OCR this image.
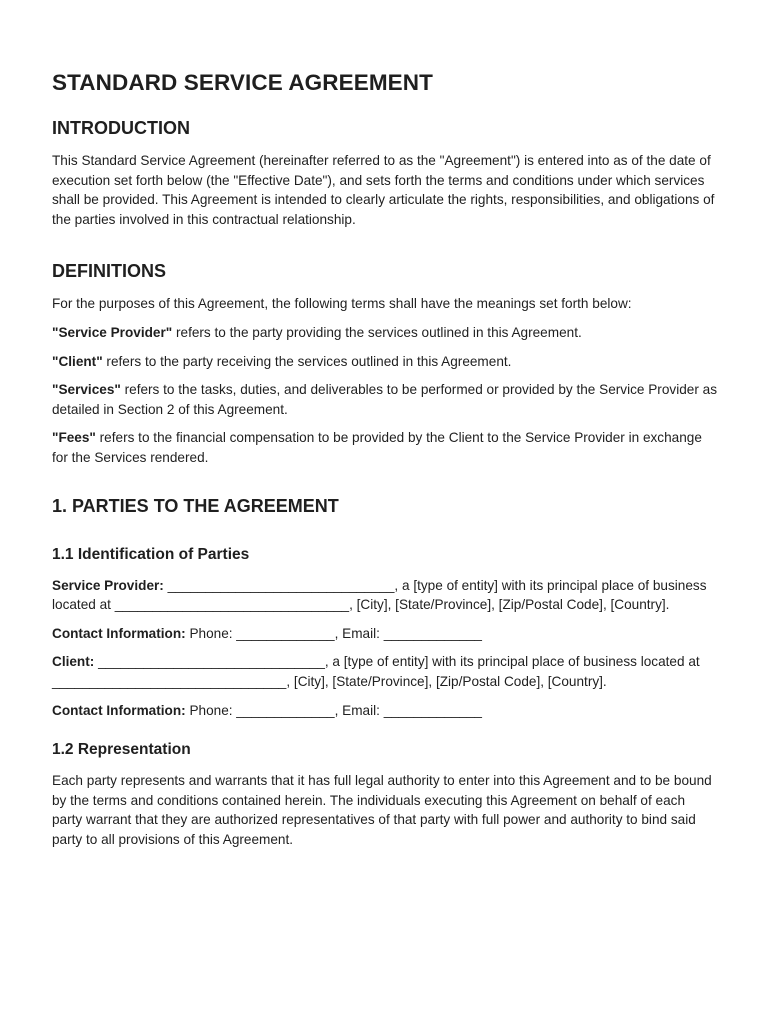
STANDARD SERVICE AGREEMENT
INTRODUCTION

This Standard Service Agreement (hereinafter referred to as the "Agreement") is entered into as of the date of execution set forth below (the "Effective Date"), and sets forth the terms and conditions under which services shall be provided. This Agreement is intended to clearly articulate the rights, responsibilities, and obligations of the parties involved in this contractual relationship.

DEFINITIONS

For the purposes of this Agreement, the following terms shall have the meanings set forth below:

"Service Provider" refers to the party providing the services outlined in this Agreement.

"Client" refers to the party receiving the services outlined in this Agreement.

"Services" refers to the tasks, duties, and deliverables to be performed or provided by the Service Provider as detailed in Section 2 of this Agreement.

"Fees" refers to the financial compensation to be provided by the Client to the Service Provider in exchange for the Services rendered.

1. PARTIES TO THE AGREEMENT
1.1 Identification of Parties

Service Provider: ______________________________, a [type of entity] with its principal place of business located at _______________________________, [City], [State/Province], [Zip/Postal Code], [Country].

Contact Information: Phone: _____________, Email: _____________

Client: ______________________________, a [type of entity] with its principal place of business located at _______________________________, [City], [State/Province], [Zip/Postal Code], [Country].

Contact Information: Phone: _____________, Email: _____________

1.2 Representation

Each party represents and warrants that it has full legal authority to enter into this Agreement and to be bound by the terms and conditions contained herein. The individuals executing this Agreement on behalf of each party warrant that they are authorized representatives of that party with full power and authority to bind said party to all provisions of this Agreement.
